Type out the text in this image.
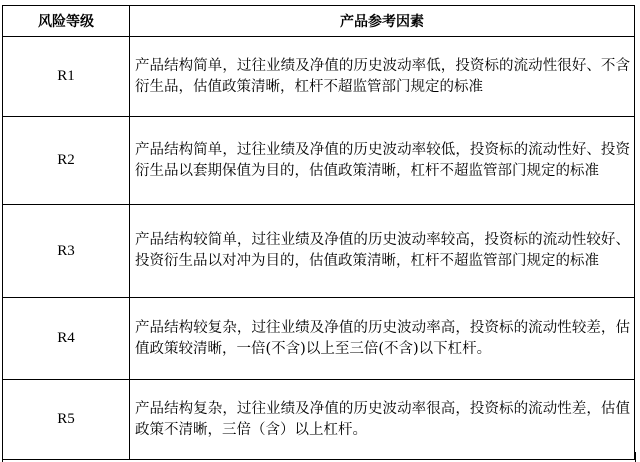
风险等级	产品参考因素
R1	产品结构简单，过往业绩及净值的历史波动率低，投资标的流动性很好、不含衍生品，估值政策清晰，杠杆不超监管部门规定的标准
R2	产品结构简单，过往业绩及净值的历史波动率较低，投资标的流动性好、投资衍生品以套期保值为目的，估值政策清晰，杠杆不超监管部门规定的标准
R3	产品结构较简单，过往业绩及净值的历史波动率较高，投资标的流动性较好、投资衍生品以对冲为目的，估值政策清晰，杠杆不超监管部门规定的标准
R4	产品结构较复杂，过往业绩及净值的历史波动率高，投资标的流动性较差，估值政策较清晰，一倍(不含)以上至三倍(不含)以下杠杆。
R5	产品结构复杂，过往业绩及净值的历史波动率很高，投资标的流动性差，估值政策不清晰，三倍（含）以上杠杆。
